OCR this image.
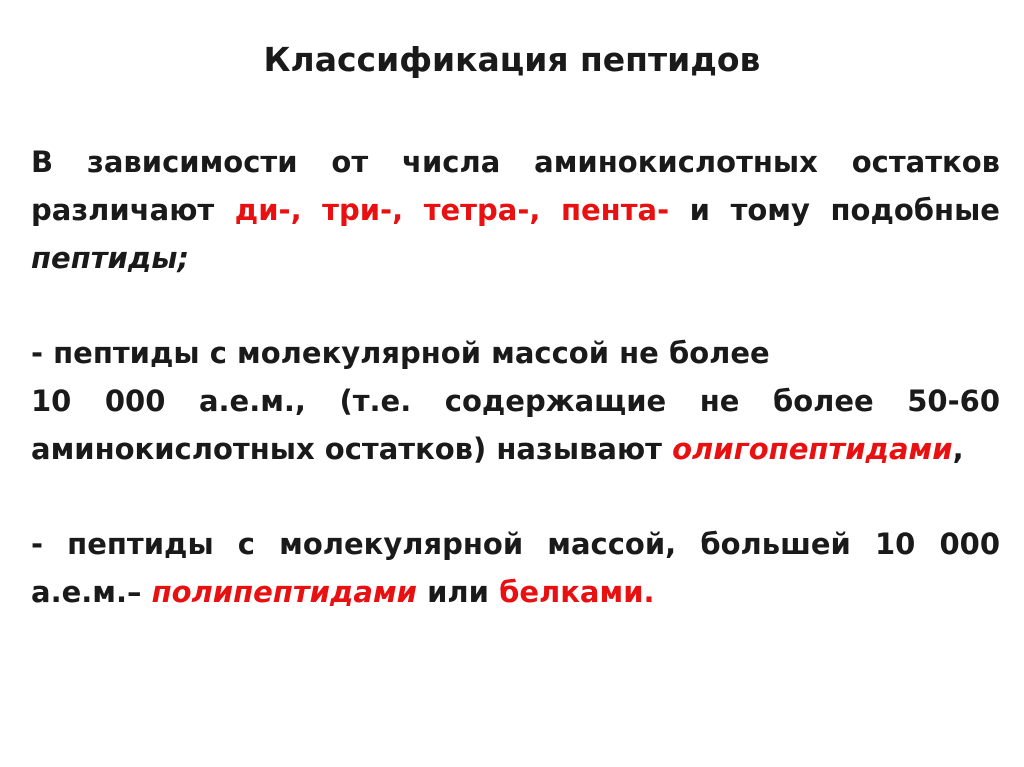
Классификация пептидов

В зависимости от числа аминокислотных остатков различают ди-, три-, тетра-, пента- и тому подобные пептиды;

- пептиды с молекулярной массой не более

10 000 а.е.м., (т.е. содержащие не более 50-60 аминокислотных остатков) называют олигопептидами,

- пептиды с молекулярной массой, большей 10 000 а.е.м.– полипептидами или белками.
